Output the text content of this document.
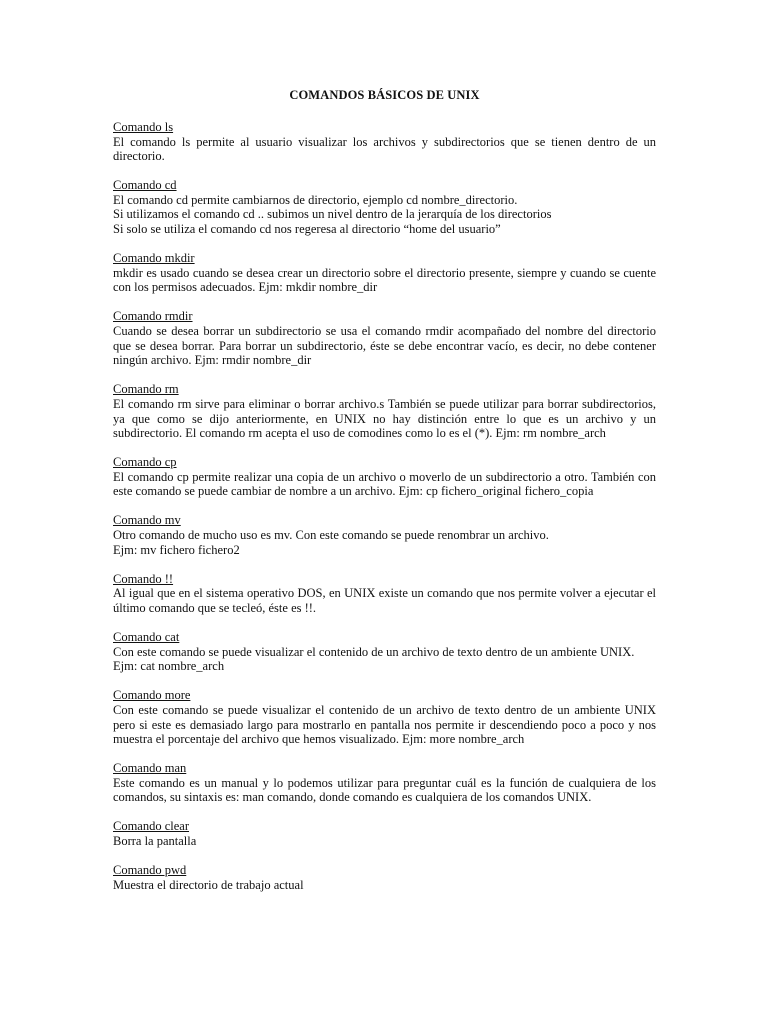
COMANDOS BÁSICOS DE UNIX
Comando ls

El comando ls permite al usuario visualizar los archivos y subdirectorios que se tienen dentro de un directorio.

Comando cd

El comando cd permite cambiarnos de directorio, ejemplo cd nombre_directorio.

Si utilizamos el comando cd .. subimos un nivel dentro de la jerarquía de los directorios

Si solo se utiliza el comando cd nos regeresa al directorio “home del usuario”

Comando mkdir

mkdir es usado cuando se desea crear un directorio sobre el directorio presente, siempre y cuando se cuente con los permisos adecuados. Ejm: mkdir nombre_dir

Comando rmdir

Cuando se desea borrar un subdirectorio se usa el comando rmdir acompañado del nombre del directorio que se desea borrar. Para borrar un subdirectorio, éste se debe encontrar vacío, es decir, no debe contener ningún archivo. Ejm: rmdir nombre_dir

Comando rm

El comando rm sirve para eliminar o borrar archivo.s También se puede utilizar para borrar subdirectorios, ya que como se dijo anteriormente, en UNIX no hay distinción entre lo que es un archivo y un subdirectorio. El comando rm acepta el uso de comodines como lo es el (*). Ejm: rm nombre_arch

Comando cp

El comando cp permite realizar una copia de un archivo o moverlo de un subdirectorio a otro. También con este comando se puede cambiar de nombre a un archivo. Ejm: cp fichero_original fichero_copia

Comando mv

Otro comando de mucho uso es mv. Con este comando se puede renombrar un archivo.

Ejm: mv fichero fichero2

Comando !!

Al igual que en el sistema operativo DOS, en UNIX existe un comando que nos permite volver a ejecutar el último comando que se tecleó, éste es !!.

Comando cat

Con este comando se puede visualizar el contenido de un archivo de texto dentro de un ambiente UNIX.

Ejm: cat nombre_arch

Comando more

Con este comando se puede visualizar el contenido de un archivo de texto dentro de un ambiente UNIX pero si este es demasiado largo para mostrarlo en pantalla nos permite ir descendiendo poco a poco y nos muestra el porcentaje del archivo que hemos visualizado. Ejm: more nombre_arch

Comando man

Este comando es un manual y lo podemos utilizar para preguntar cuál es la función de cualquiera de los comandos, su sintaxis es: man comando, donde comando es cualquiera de los comandos UNIX.

Comando clear

Borra la pantalla

Comando pwd

Muestra el directorio de trabajo actual
